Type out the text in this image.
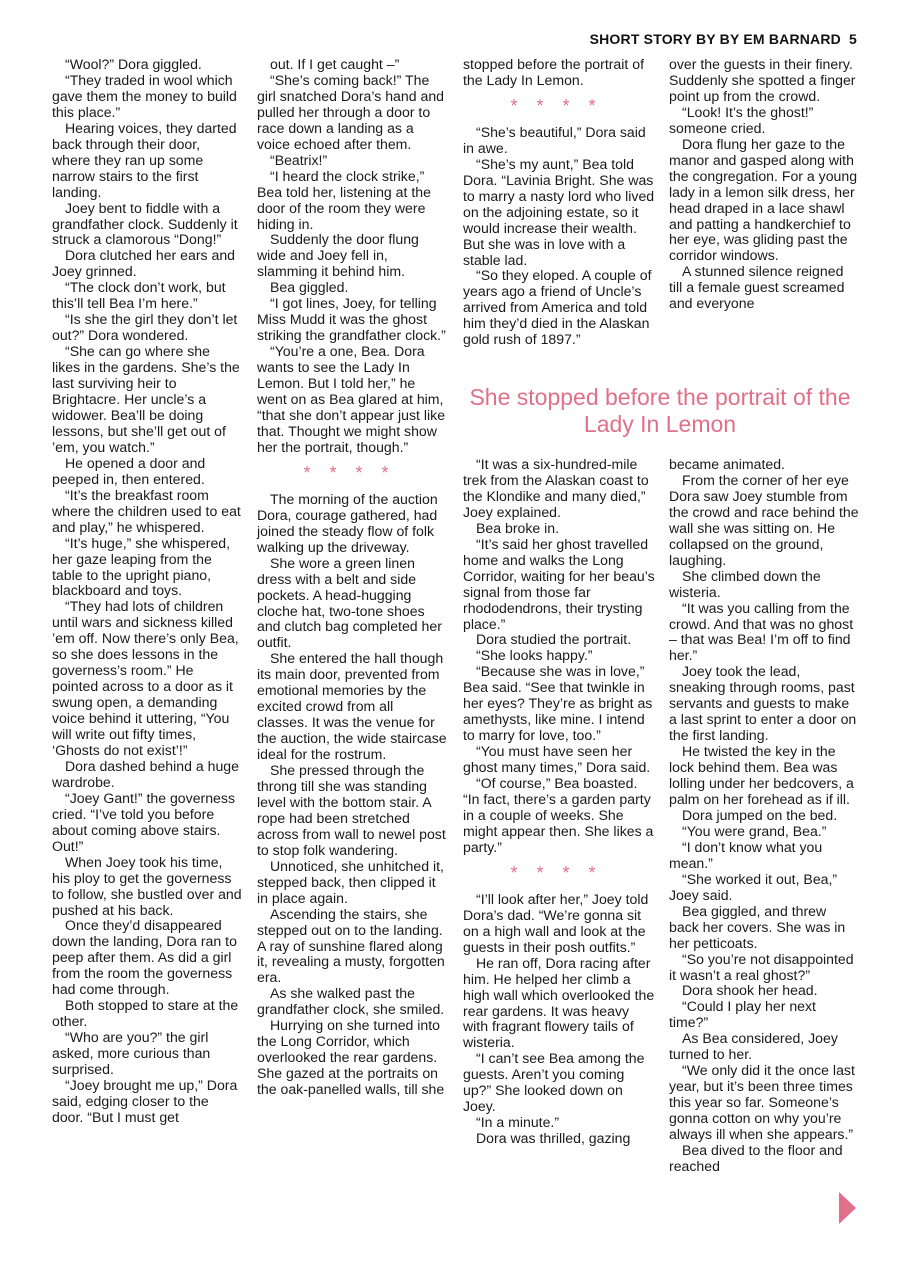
SHORT STORY BY BY EM BARNARD 5

“Wool?” Dora giggled.

“They traded in wool which gave them the money to build this place.”

Hearing voices, they darted back through their door, where they ran up some narrow stairs to the first landing.

Joey bent to fiddle with a grandfather clock. Suddenly it struck a clamorous “Dong!”

Dora clutched her ears and Joey grinned.

“The clock don’t work, but this’ll tell Bea I’m here.”

“Is she the girl they don’t let out?” Dora wondered.

“She can go where she likes in the gardens. She’s the last surviving heir to Brightacre. Her uncle’s a widower. Bea’ll be doing lessons, but she’ll get out of ’em, you watch.”

He opened a door and peeped in, then entered.

“It’s the breakfast room where the children used to eat and play,” he whispered.

“It’s huge,” she whispered, her gaze leaping from the table to the upright piano, blackboard and toys.

“They had lots of children until wars and sickness killed ’em off. Now there’s only Bea, so she does lessons in the governess’s room.” He pointed across to a door as it swung open, a demanding voice behind it uttering, “You will write out fifty times, ‘Ghosts do not exist’!”

Dora dashed behind a huge wardrobe.

“Joey Gant!” the governess cried. “I’ve told you before about coming above stairs. Out!”

When Joey took his time, his ploy to get the governess to follow, she bustled over and pushed at his back.

Once they’d disappeared down the landing, Dora ran to peep after them. As did a girl from the room the governess had come through.

Both stopped to stare at the other.

“Who are you?” the girl asked, more curious than surprised.

“Joey brought me up,” Dora said, edging closer to the door. “But I must get

out. If I get caught –”

“She’s coming back!” The girl snatched Dora’s hand and pulled her through a door to race down a landing as a voice echoed after them.

“Beatrix!”

“I heard the clock strike,” Bea told her, listening at the door of the room they were hiding in.

Suddenly the door flung wide and Joey fell in, slamming it behind him.

Bea giggled.

“I got lines, Joey, for telling Miss Mudd it was the ghost striking the grandfather clock.”

“You’re a one, Bea. Dora wants to see the Lady In Lemon. But I told her,” he went on as Bea glared at him, “that she don’t appear just like that. Thought we might show her the portrait, though.”

* * * *

The morning of the auction Dora, courage gathered, had joined the steady flow of folk walking up the driveway.

She wore a green linen dress with a belt and side pockets. A head-hugging cloche hat, two-tone shoes and clutch bag completed her outfit.

She entered the hall though its main door, prevented from emotional memories by the excited crowd from all classes. It was the venue for the auction, the wide staircase ideal for the rostrum.

She pressed through the throng till she was standing level with the bottom stair. A rope had been stretched across from wall to newel post to stop folk wandering.

Unnoticed, she unhitched it, stepped back, then clipped it in place again.

Ascending the stairs, she stepped out on to the landing. A ray of sunshine flared along it, revealing a musty, forgotten era.

As she walked past the grandfather clock, she smiled.

Hurrying on she turned into the Long Corridor, which overlooked the rear gardens. She gazed at the portraits on the oak-panelled walls, till she

stopped before the portrait of the Lady In Lemon.

* * * *

“She’s beautiful,” Dora said in awe.

“She’s my aunt,” Bea told Dora. “Lavinia Bright. She was to marry a nasty lord who lived on the adjoining estate, so it would increase their wealth. But she was in love with a stable lad.

“So they eloped. A couple of years ago a friend of Uncle’s arrived from America and told him they’d died in the Alaskan gold rush of 1897.”

over the guests in their finery. Suddenly she spotted a finger point up from the crowd.

“Look! It’s the ghost!” someone cried.

Dora flung her gaze to the manor and gasped along with the congregation. For a young lady in a lemon silk dress, her head draped in a lace shawl and patting a handkerchief to her eye, was gliding past the corridor windows.

A stunned silence reigned till a female guest screamed and everyone

She stopped before the portrait of the Lady In Lemon

“It was a six-hundred-mile trek from the Alaskan coast to the Klondike and many died,” Joey explained.

Bea broke in.

“It’s said her ghost travelled home and walks the Long Corridor, waiting for her beau’s signal from those far rhododendrons, their trysting place.”

Dora studied the portrait.

“She looks happy.”

“Because she was in love,” Bea said. “See that twinkle in her eyes? They’re as bright as amethysts, like mine. I intend to marry for love, too.”

“You must have seen her ghost many times,” Dora said.

“Of course,” Bea boasted. “In fact, there’s a garden party in a couple of weeks. She might appear then. She likes a party.”

* * * *

“I’ll look after her,” Joey told Dora’s dad. “We’re gonna sit on a high wall and look at the guests in their posh outfits.”

He ran off, Dora racing after him. He helped her climb a high wall which overlooked the rear gardens. It was heavy with fragrant flowery tails of wisteria.

“I can’t see Bea among the guests. Aren’t you coming up?” She looked down on Joey.

“In a minute.”

Dora was thrilled, gazing

became animated.

From the corner of her eye Dora saw Joey stumble from the crowd and race behind the wall she was sitting on. He collapsed on the ground, laughing.

She climbed down the wisteria.

“It was you calling from the crowd. And that was no ghost – that was Bea! I’m off to find her.”

Joey took the lead, sneaking through rooms, past servants and guests to make a last sprint to enter a door on the first landing.

He twisted the key in the lock behind them. Bea was lolling under her bedcovers, a palm on her forehead as if ill.

Dora jumped on the bed.

“You were grand, Bea.”

“I don’t know what you mean.”

“She worked it out, Bea,” Joey said.

Bea giggled, and threw back her covers. She was in her petticoats.

“So you’re not disappointed it wasn’t a real ghost?”

Dora shook her head.

“Could I play her next time?”

As Bea considered, Joey turned to her.

“We only did it the once last year, but it’s been three times this year so far. Someone’s gonna cotton on why you’re always ill when she appears.”

Bea dived to the floor and reached
